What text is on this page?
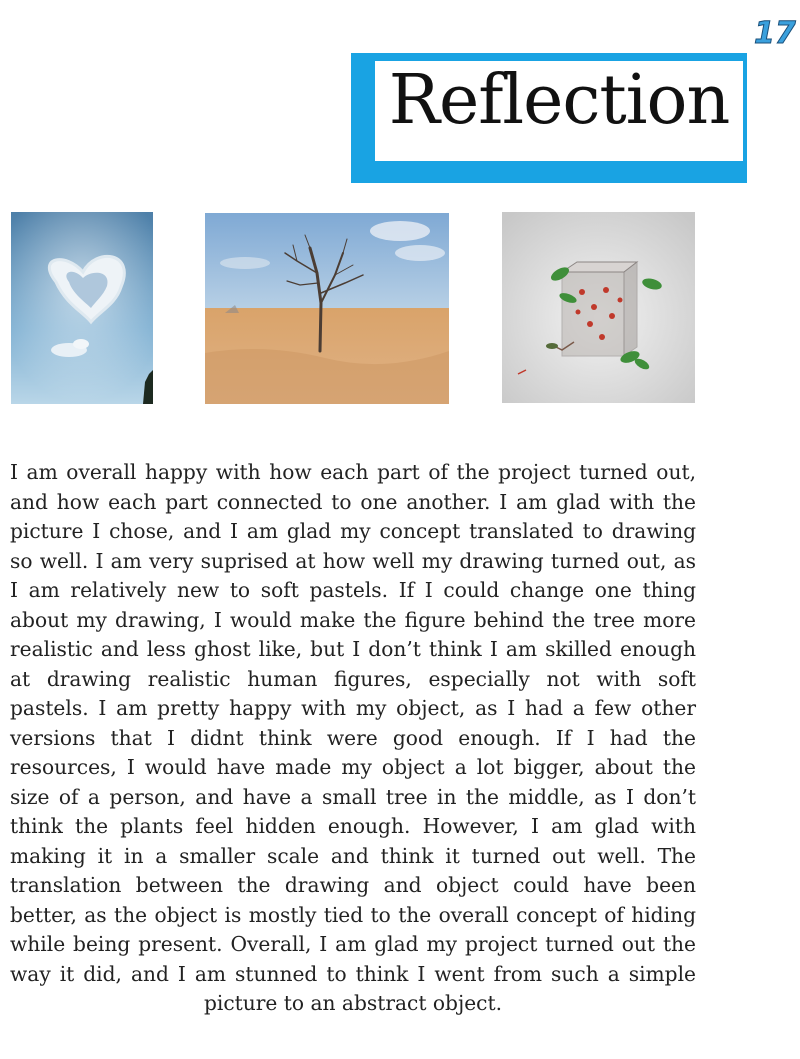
17
Reflection

I am overall happy with how each part of the project turned out, and how each part connected to one another. I am glad with the picture I chose, and I am glad my concept translated to drawing so well. I am very suprised at how well my drawing turned out, as I am relatively new to soft pastels. If I could change one thing about my drawing, I would make the figure behind the tree more realistic and less ghost like, but I don’t think I am skilled enough at drawing realistic human figures, especially not with soft pastels. I am pretty happy with my object, as I had a few other versions that I didnt think were good enough. If I had the resources, I would have made my object a lot bigger, about the size of a person, and have a small tree in the middle, as I don’t think the plants feel hidden enough. However, I am glad with making it in a smaller scale and think it turned out well. The translation between the drawing and object could have been better, as the object is mostly tied to the overall concept of hiding while being present. Overall, I am glad my project turned out the way it did, and I am stunned to think I went from such a simple picture to an abstract object.
